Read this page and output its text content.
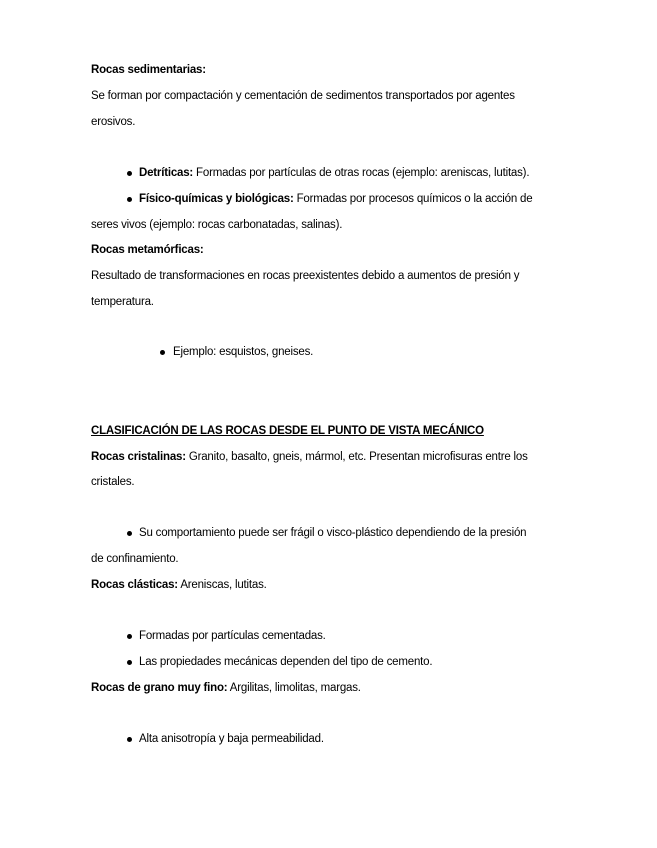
Rocas sedimentarias:
Se forman por compactación y cementación de sedimentos transportados por agentes
erosivos.
Detríticas: Formadas por partículas de otras rocas (ejemplo: areniscas, lutitas).
Físico-químicas y biológicas: Formadas por procesos químicos o la acción de
seres vivos (ejemplo: rocas carbonatadas, salinas).
Rocas metamórficas:
Resultado de transformaciones en rocas preexistentes debido a aumentos de presión y
temperatura.
Ejemplo: esquistos, gneises.
CLASIFICACIÓN DE LAS ROCAS DESDE EL PUNTO DE VISTA MECÁNICO
Rocas cristalinas: Granito, basalto, gneis, mármol, etc. Presentan microfisuras entre los
cristales.
Su comportamiento puede ser frágil o visco-plástico dependiendo de la presión
de confinamiento.
Rocas clásticas: Areniscas, lutitas.
Formadas por partículas cementadas.
Las propiedades mecánicas dependen del tipo de cemento.
Rocas de grano muy fino: Argilitas, limolitas, margas.
Alta anisotropía y baja permeabilidad.
